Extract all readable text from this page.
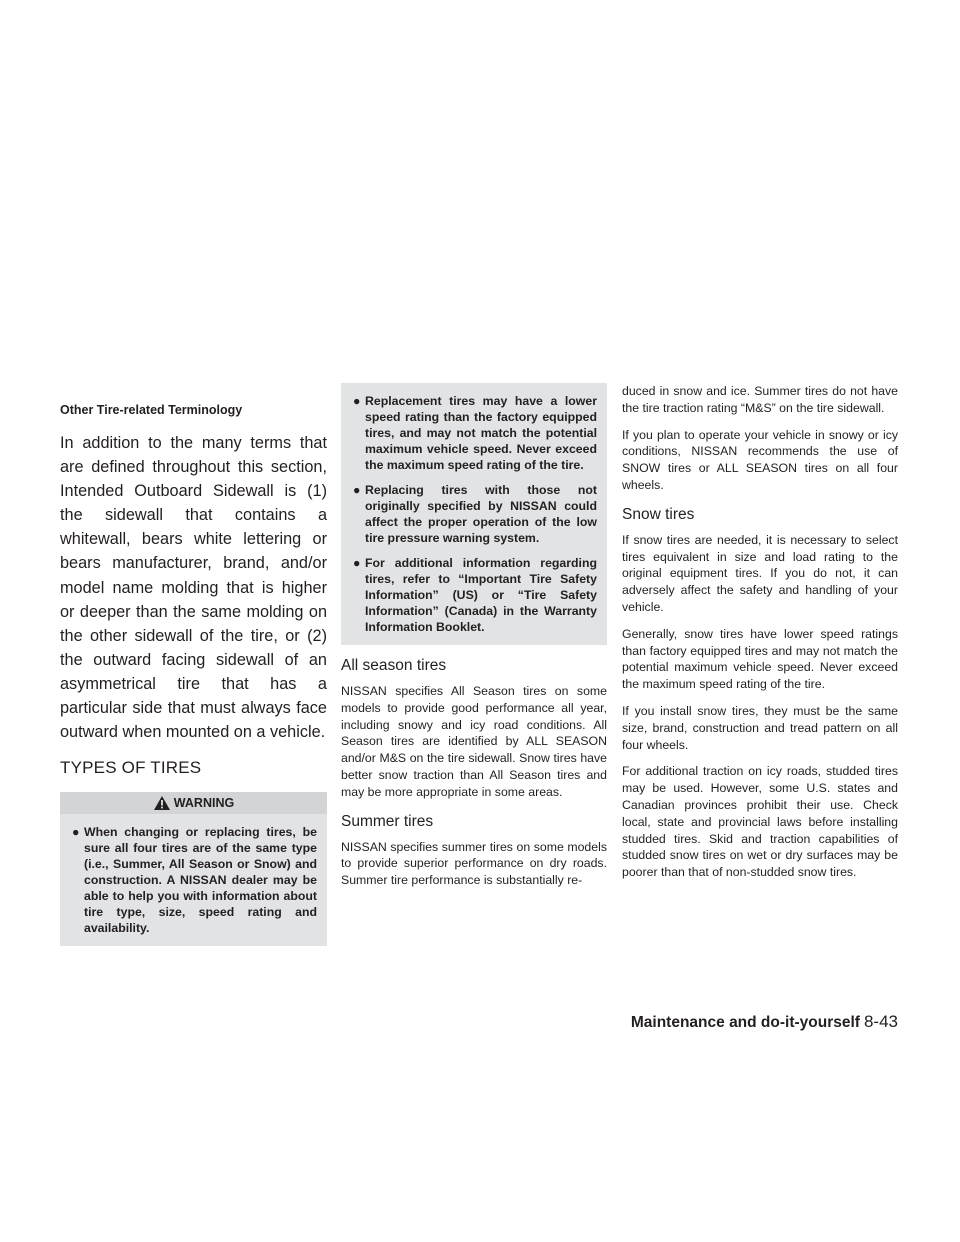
Other Tire-related Terminology

In addition to the many terms that are defined throughout this section, Intended Outboard Sidewall is (1) the sidewall that contains a whitewall, bears white lettering or bears manufacturer, brand, and/or model name molding that is higher or deeper than the same molding on the other sidewall of the tire, or (2) the outward facing sidewall of an asymmetrical tire that has a particular side that must always face outward when mounted on a vehicle.

TYPES OF TIRES
WARNING
● When changing or replacing tires, be sure all four tires are of the same type (i.e., Summer, All Season or Snow) and construction. A NISSAN dealer may be able to help you with information about tire type, size, speed rating and availability.
● Replacement tires may have a lower speed rating than the factory equipped tires, and may not match the potential maximum vehicle speed. Never exceed the maximum speed rating of the tire.
● Replacing tires with those not originally specified by NISSAN could affect the proper operation of the low tire pressure warning system.
● For additional information regarding tires, refer to “Important Tire Safety Information” (US) or “Tire Safety Information” (Canada) in the Warranty Information Booklet.
All season tires

NISSAN specifies All Season tires on some models to provide good performance all year, including snowy and icy road conditions. All Season tires are identified by ALL SEASON and/or M&S on the tire sidewall. Snow tires have better snow traction than All Season tires and may be more appropriate in some areas.

Summer tires

NISSAN specifies summer tires on some models to provide superior performance on dry roads. Summer tire performance is substantially re-

duced in snow and ice. Summer tires do not have the tire traction rating “M&S” on the tire sidewall.

If you plan to operate your vehicle in snowy or icy conditions, NISSAN recommends the use of SNOW tires or ALL SEASON tires on all four wheels.

Snow tires

If snow tires are needed, it is necessary to select tires equivalent in size and load rating to the original equipment tires. If you do not, it can adversely affect the safety and handling of your vehicle.

Generally, snow tires have lower speed ratings than factory equipped tires and may not match the potential maximum vehicle speed. Never exceed the maximum speed rating of the tire.

If you install snow tires, they must be the same size, brand, construction and tread pattern on all four wheels.

For additional traction on icy roads, studded tires may be used. However, some U.S. states and Canadian provinces prohibit their use. Check local, state and provincial laws before installing studded tires. Skid and traction capabilities of studded snow tires on wet or dry surfaces may be poorer than that of non-studded snow tires.

Maintenance and do-it-yourself 8-43
